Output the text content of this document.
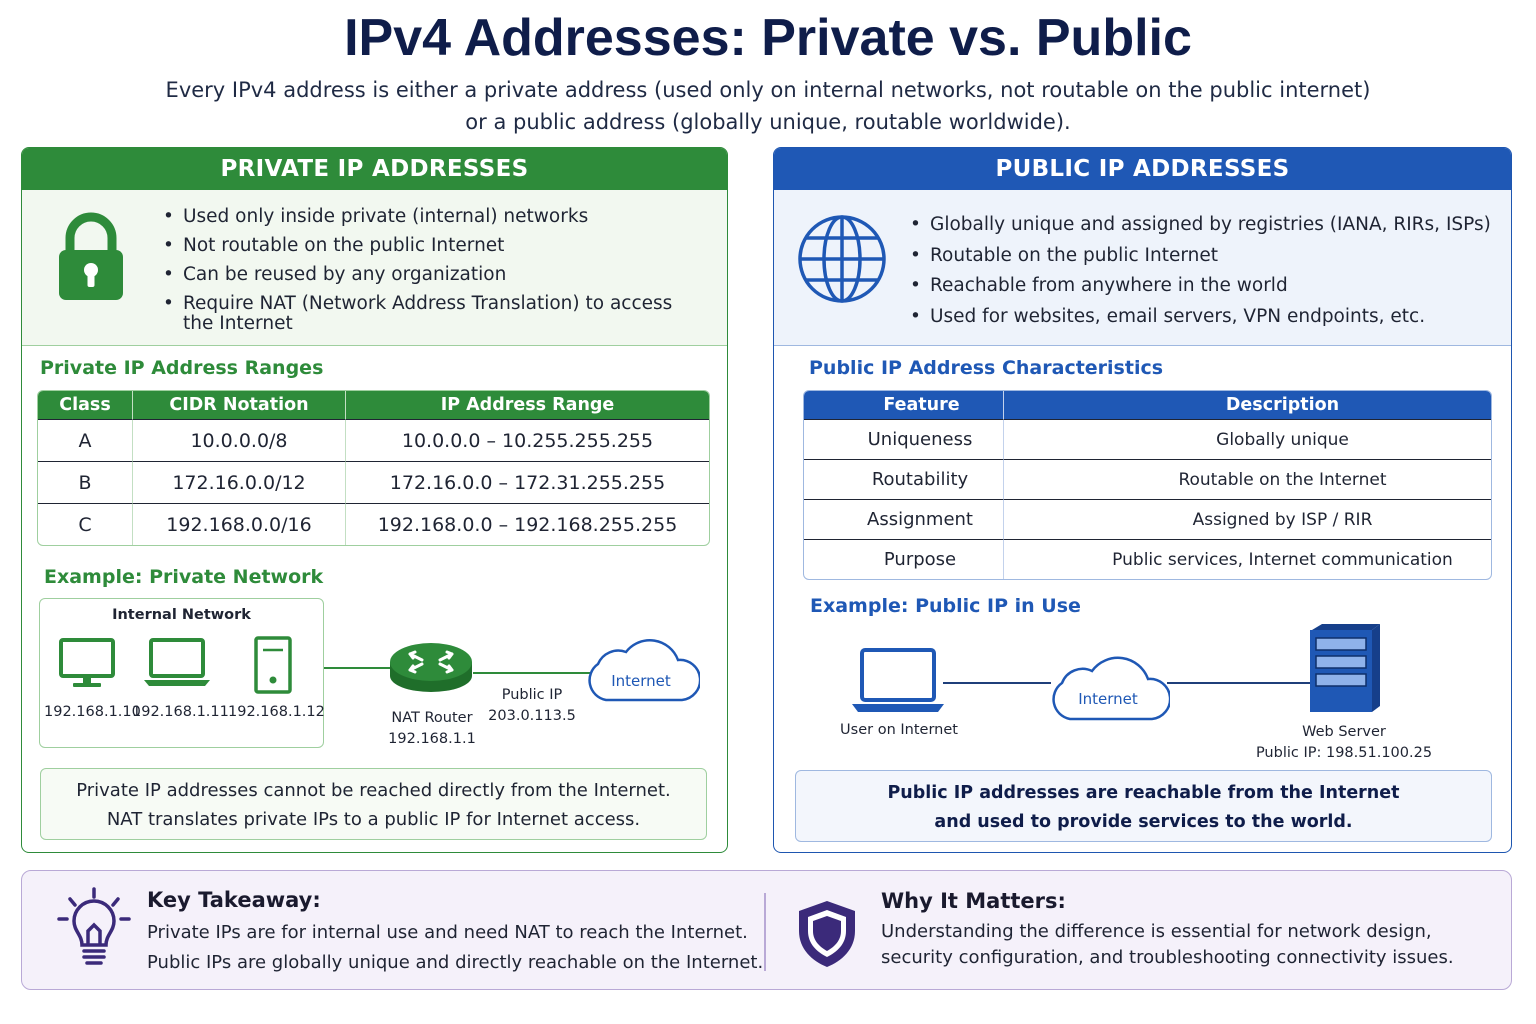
IPv4 Addresses: Private vs. Public
Every IPv4 address is either a private address (used only on internal networks, not routable on the public internet)
or a public address (globally unique, routable worldwide).
PRIVATE IP ADDRESSES
• Used only inside private (internal) networks
• Not routable on the public Internet
• Can be reused by any organization
• Require NAT (Network Address Translation) to access
the Internet
Private IP Address Ranges
Class	CIDR Notation	IP Address Range
A	10.0.0.0/8	10.0.0.0 – 10.255.255.255
B	172.16.0.0/12	172.16.0.0 – 172.31.255.255
C	192.168.0.0/16	192.168.0.0 – 192.168.255.255
Example: Private Network
Internal Network
192.168.1.10
192.168.1.11 192.168.1.12
Internet
NAT Router
192.168.1.1
Public IP
203.0.113.5
Private IP addresses cannot be reached directly from the Internet.
NAT translates private IPs to a public IP for Internet access.
PUBLIC IP ADDRESSES
• Globally unique and assigned by registries (IANA, RIRs, ISPs)
• Routable on the public Internet
• Reachable from anywhere in the world
• Used for websites, email servers, VPN endpoints, etc.
Public IP Address Characteristics
Feature	Description
Uniqueness	Globally unique
Routability	Routable on the Internet
Assignment	Assigned by ISP / RIR
Purpose	Public services, Internet communication
Example: Public IP in Use
Internet
User on Internet	Web Server
Public IP: 198.51.100.25
Public IP addresses are reachable from the Internet
and used to provide services to the world.
Key Takeaway:
Private IPs are for internal use and need NAT to reach the Internet.
Public IPs are globally unique and directly reachable on the Internet.
Why It Matters:
Understanding the difference is essential for network design,
security configuration, and troubleshooting connectivity issues.
